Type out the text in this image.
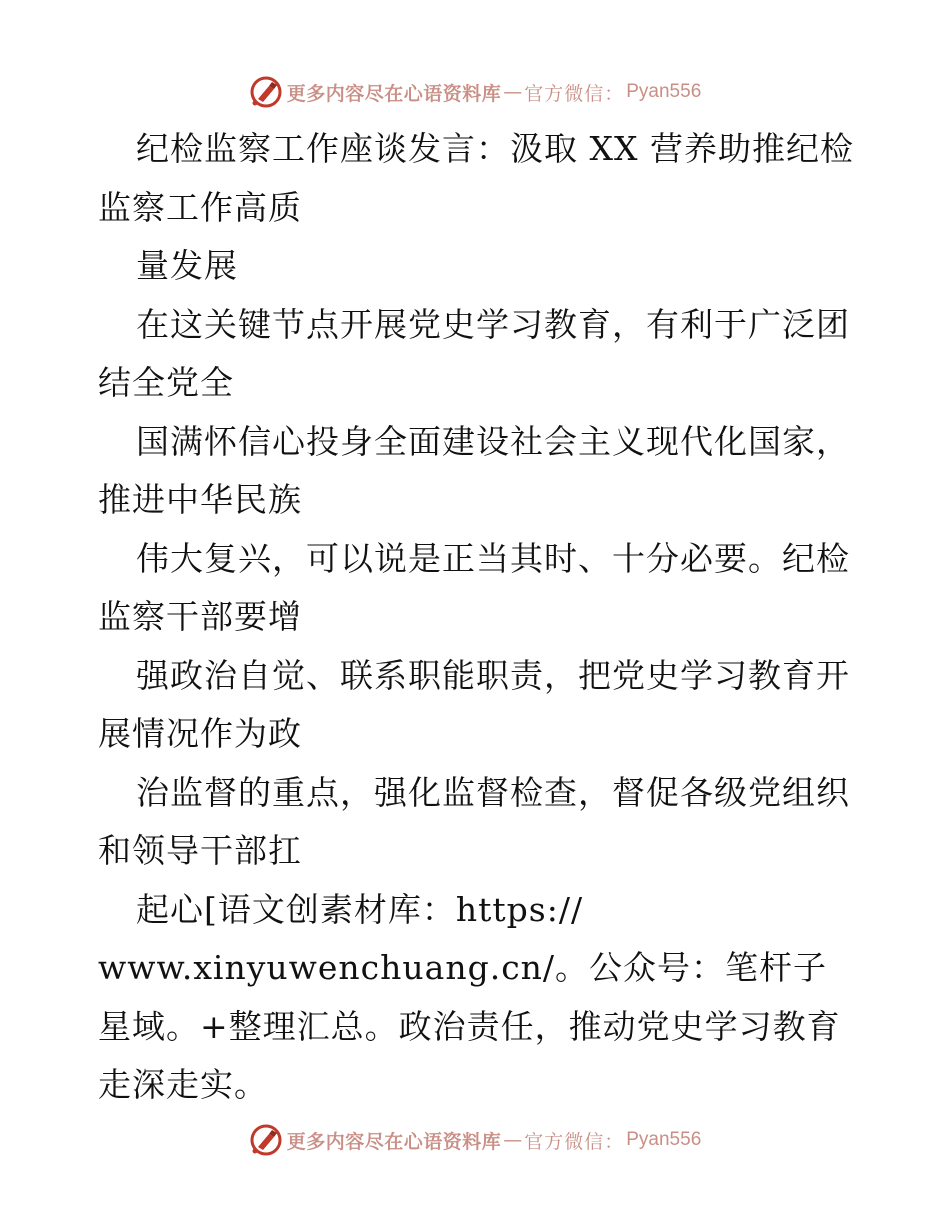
更多内容尽在心语资料库 — 官方微信： Pyan556

纪检监察工作座谈发言：汲取 XX 营养助推纪检监察工作高质

量发展

在这关键节点开展党史学习教育，有利于广泛团结全党全

国满怀信心投身全面建设社会主义现代化国家，推进中华民族

伟大复兴，可以说是正当其时、十分必要。纪检监察干部要增

强政治自觉、联系职能职责，把党史学习教育开展情况作为政

治监督的重点，强化监督检查，督促各级党组织和领导干部扛

起心[语文创素材库：https://

www.xinyuwenchuang.cn/。公众号：笔杆子星域。+整理汇总。政治责任，推动党史学习教育走深走实。

更多内容尽在心语资料库 — 官方微信： Pyan556
